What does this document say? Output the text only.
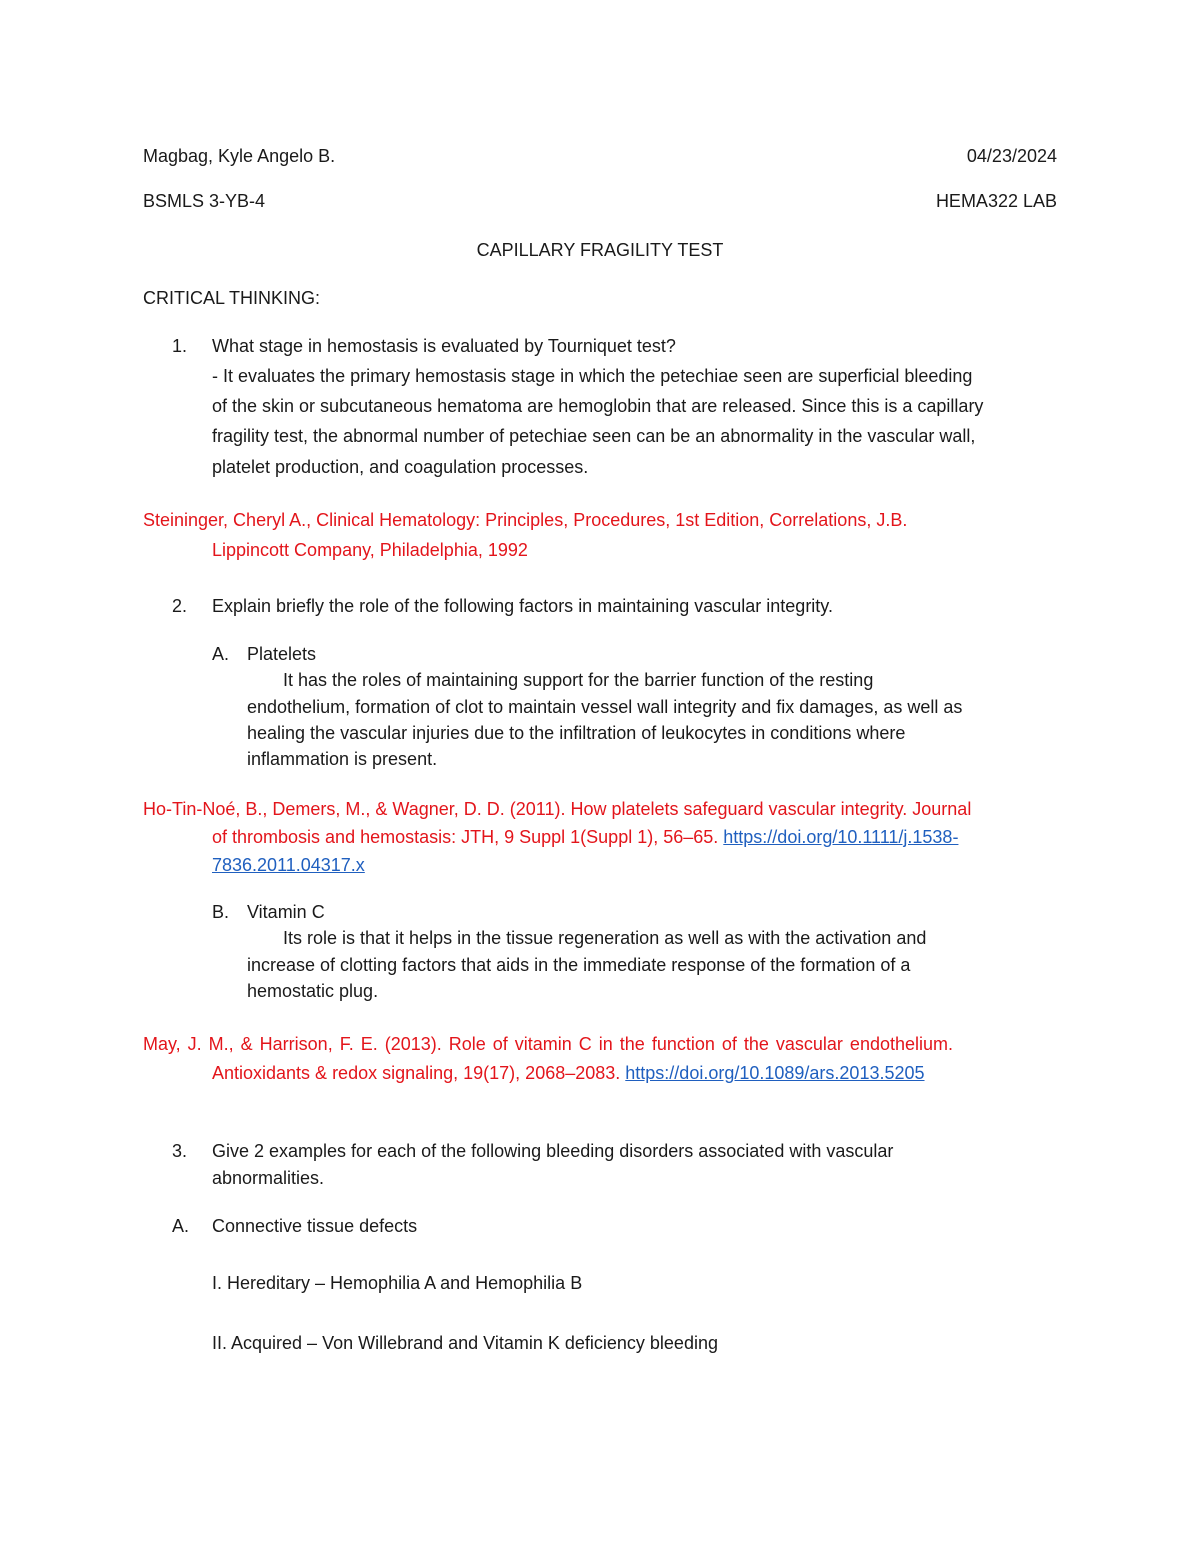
Magbag, Kyle Angelo B.	04/23/2024
BSMLS 3-YB-4	HEMA322 LAB
CAPILLARY FRAGILITY TEST
CRITICAL THINKING:
1. What stage in hemostasis is evaluated by Tourniquet test?
- It evaluates the primary hemostasis stage in which the petechiae seen are superficial bleeding
of the skin or subcutaneous hematoma are hemoglobin that are released. Since this is a capillary
fragility test, the abnormal number of petechiae seen can be an abnormality in the vascular wall,
platelet production, and coagulation processes.
Steininger, Cheryl A., Clinical Hematology: Principles, Procedures, 1st Edition, Correlations, J.B.
Lippincott Company, Philadelphia, 1992
2. Explain briefly the role of the following factors in maintaining vascular integrity.
A. Platelets
It has the roles of maintaining support for the barrier function of the resting
endothelium, formation of clot to maintain vessel wall integrity and fix damages, as well as
healing the vascular injuries due to the infiltration of leukocytes in conditions where
inflammation is present.
Ho-Tin-Noé, B., Demers, M., & Wagner, D. D. (2011). How platelets safeguard vascular integrity. Journal
of thrombosis and hemostasis: JTH, 9 Suppl 1(Suppl 1), 56–65. https://doi.org/10.1111/j.1538-
7836.2011.04317.x
B. Vitamin C
Its role is that it helps in the tissue regeneration as well as with the activation and
increase of clotting factors that aids in the immediate response of the formation of a
hemostatic plug.
May, J. M., & Harrison, F. E. (2013). Role of vitamin C in the function of the vascular endothelium.
Antioxidants & redox signaling, 19(17), 2068–2083. https://doi.org/10.1089/ars.2013.5205
3. Give 2 examples for each of the following bleeding disorders associated with vascular
abnormalities.
A. Connective tissue defects
I. Hereditary – Hemophilia A and Hemophilia B
II. Acquired – Von Willebrand and Vitamin K deficiency bleeding
